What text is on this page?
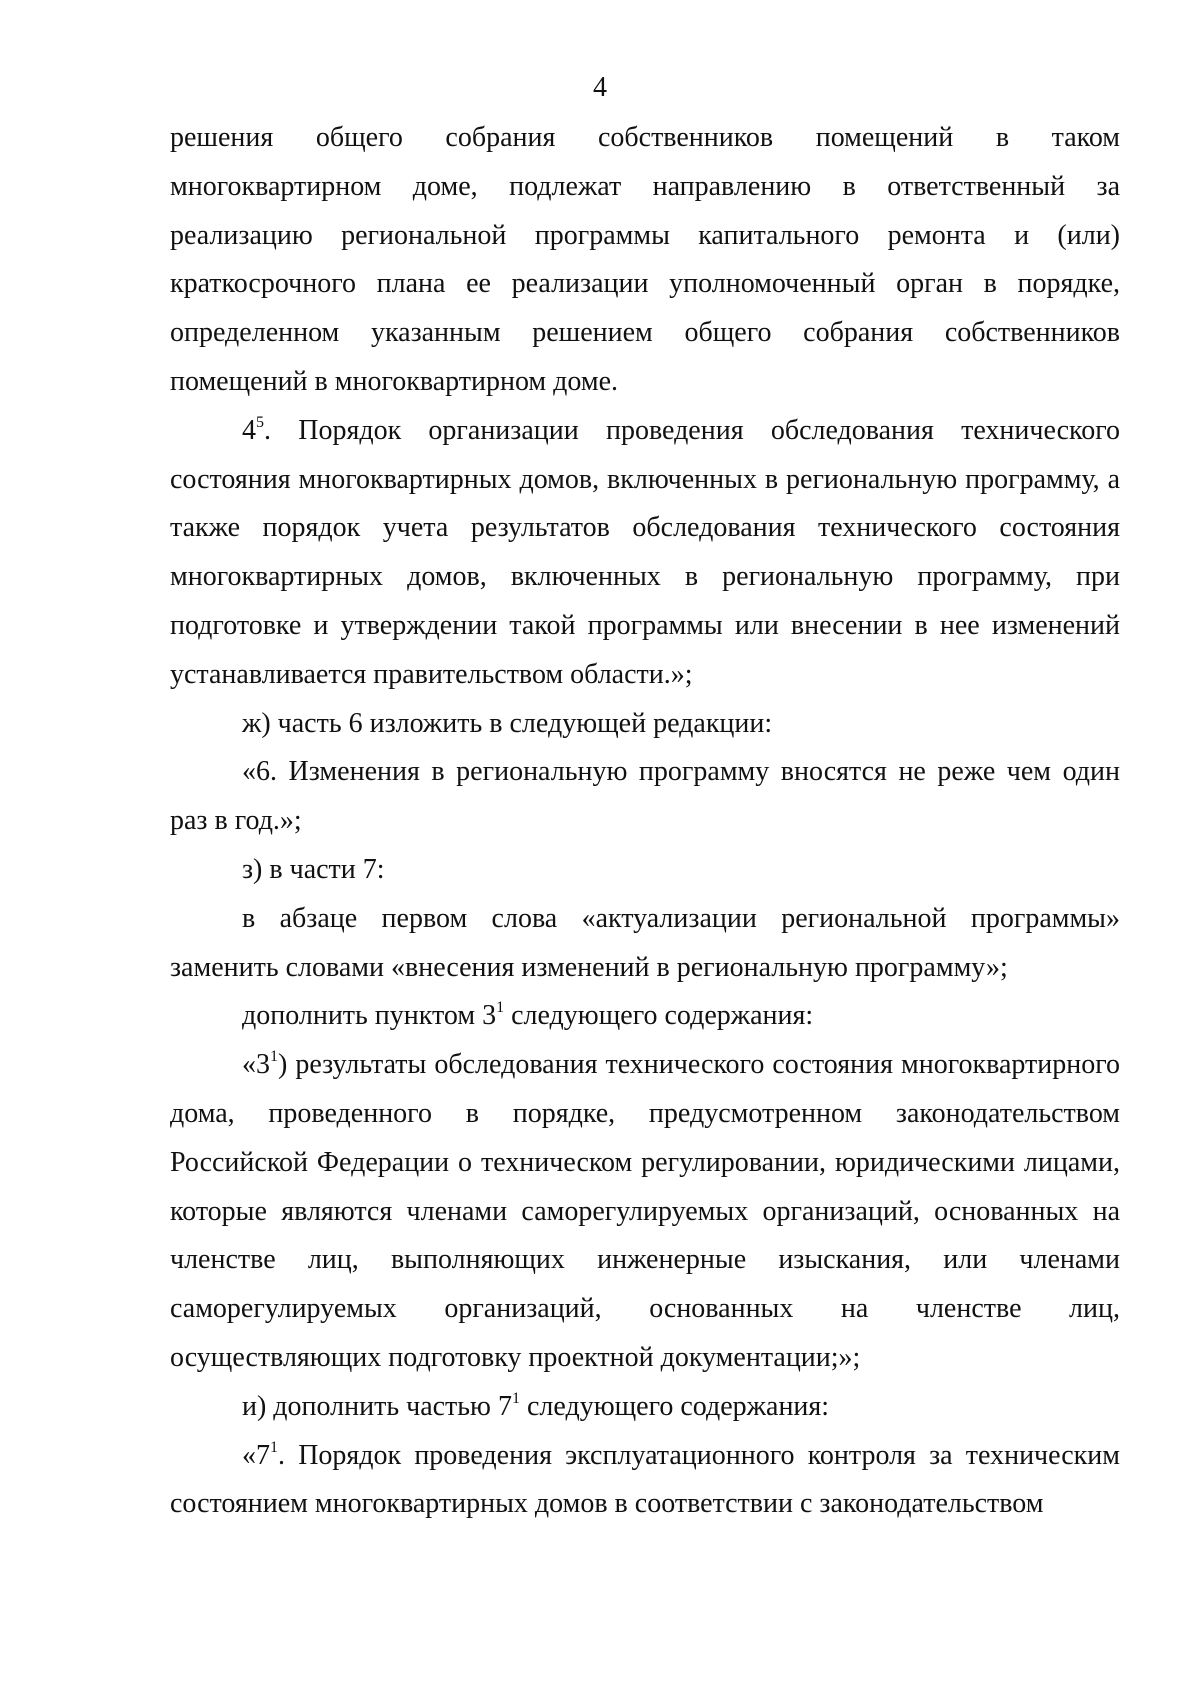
4

решения общего собрания собственников помещений в таком многоквартирном доме, подлежат направлению в ответственный за реализацию региональной программы капитального ремонта и (или) краткосрочного плана ее реализации уполномоченный орган в порядке, определенном указанным решением общего собрания собственников помещений в многоквартирном доме.

$4^5$. Порядок организации проведения обследования технического состояния многоквартирных домов, включенных в региональную программу, а также порядок учета результатов обследования технического состояния многоквартирных домов, включенных в региональную программу, при подготовке и утверждении такой программы или внесении в нее изменений устанавливается правительством области.»;

ж) часть 6 изложить в следующей редакции:

«6. Изменения в региональную программу вносятся не реже чем один раз в год.»;

з) в части 7:

в абзаце первом слова «актуализации региональной программы» заменить словами «внесения изменений в региональную программу»;

дополнить пунктом $3^1$ следующего содержания:

«$3^1$) результаты обследования технического состояния многоквартирного дома, проведенного в порядке, предусмотренном законодательством Российской Федерации о техническом регулировании, юридическими лицами, которые являются членами саморегулируемых организаций, основанных на членстве лиц, выполняющих инженерные изыскания, или членами саморегулируемых организаций, основанных на членстве лиц, осуществляющих подготовку проектной документации;»;

и) дополнить частью $7^1$ следующего содержания:

«$7^1$. Порядок проведения эксплуатационного контроля за техническим состоянием многоквартирных домов в соответствии с законодательством
